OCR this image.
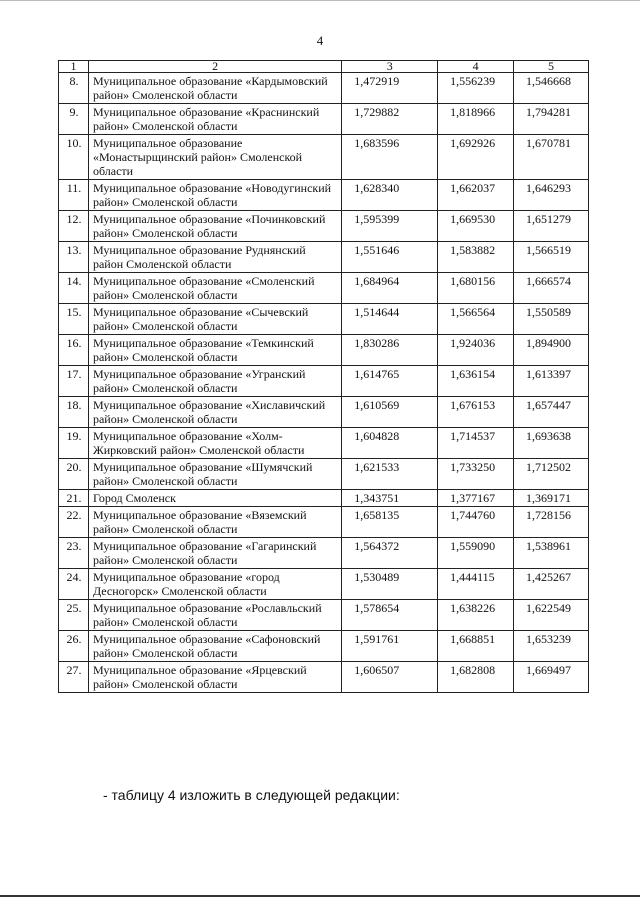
4
1	2	3	4	5
8.	Муниципальное образование «Кардымовский район» Смоленской области	1,472919	1,556239	1,546668
9.	Муниципальное образование «Краснинский район» Смоленской области	1,729882	1,818966	1,794281
10.	Муниципальное образование «Монастырщинский район» Смоленской области	1,683596	1,692926	1,670781
11.	Муниципальное образование «Новодугинский район» Смоленской области	1,628340	1,662037	1,646293
12.	Муниципальное образование «Починковский район» Смоленской области	1,595399	1,669530	1,651279
13.	Муниципальное образование Руднянский район Смоленской области	1,551646	1,583882	1,566519
14.	Муниципальное образование «Смоленский район» Смоленской области	1,684964	1,680156	1,666574
15.	Муниципальное образование «Сычевский район» Смоленской области	1,514644	1,566564	1,550589
16.	Муниципальное образование «Темкинский район» Смоленской области	1,830286	1,924036	1,894900
17.	Муниципальное образование «Угранский район» Смоленской области	1,614765	1,636154	1,613397
18.	Муниципальное образование «Хиславичский район» Смоленской области	1,610569	1,676153	1,657447
19.	Муниципальное образование «Холм-Жирковский район» Смоленской области	1,604828	1,714537	1,693638
20.	Муниципальное образование «Шумячский район» Смоленской области	1,621533	1,733250	1,712502
21.	Город Смоленск	1,343751	1,377167	1,369171
22.	Муниципальное образование «Вяземский район» Смоленской области	1,658135	1,744760	1,728156
23.	Муниципальное образование «Гагаринский район» Смоленской области	1,564372	1,559090	1,538961
24.	Муниципальное образование «город Десногорск» Смоленской области	1,530489	1,444115	1,425267
25.	Муниципальное образование «Рославльский район» Смоленской области	1,578654	1,638226	1,622549
26.	Муниципальное образование «Сафоновский район» Смоленской области	1,591761	1,668851	1,653239
27.	Муниципальное образование «Ярцевский район» Смоленской области	1,606507	1,682808	1,669497
- таблицу 4 изложить в следующей редакции:
